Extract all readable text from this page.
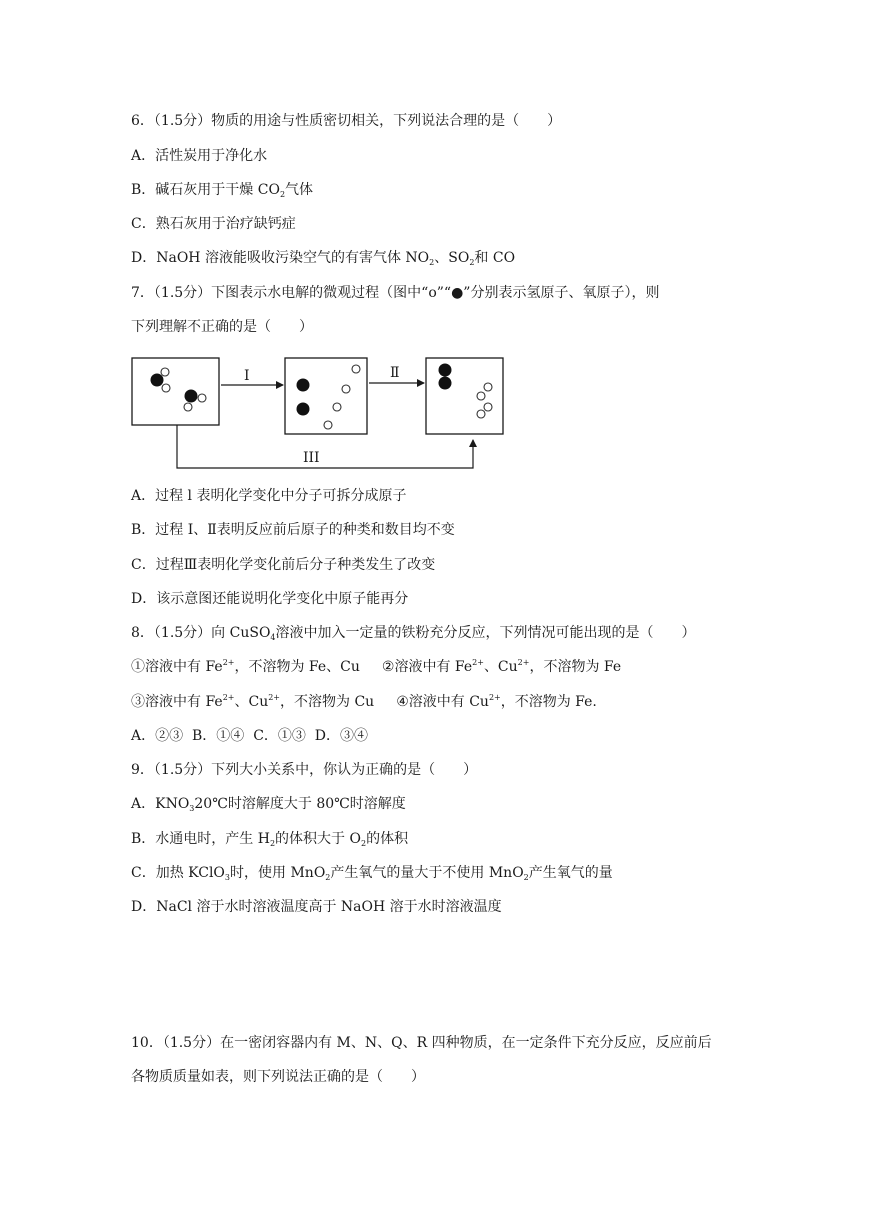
6．（1.5分）物质的用途与性质密切相关，下列说法合理的是（　　）
A．活性炭用于净化水
B．碱石灰用于干燥 $CO_2$气体
C．熟石灰用于治疗缺钙症
D．NaOH 溶液能吸收污染空气的有害气体 $NO_2$、$SO_2$和 CO
7．（1.5分）下图表示水电解的微观过程（图中“o”“●”分别表示氢原子、氧原子），则
下列理解不正确的是（　　）
I	Ⅱ
III
A．过程 l 表明化学变化中分子可拆分成原子
B．过程 I、Ⅱ表明反应前后原子的种类和数目均不变
C．过程Ⅲ表明化学变化前后分子种类发生了改变
D．该示意图还能说明化学变化中原子能再分
8．（1.5分）向 CuSO$_4$溶液中加入一定量的铁粉充分反应，下列情况可能出现的是（　　）
①溶液中有 $Fe^{2+}$，不溶物为 Fe、Cu ②溶液中有 $Fe^{2+}$、$Cu^{2+}$，不溶物为 Fe
③溶液中有 $Fe^{2+}$、$Cu^{2+}$，不溶物为 Cu ④溶液中有 $Cu^{2+}$，不溶物为 Fe.
A．②③  B．①④  C．①③  D．③④
9．（1.5分）下列大小关系中，你认为正确的是（　　）
A．$KNO_320℃$时溶解度大于 80℃时溶解度
B．水通电时，产生 $H_2$的体积大于 $O_2$的体积
C．加热 KClO$_3$时，使用 MnO$_2$产生氧气的量大于不使用 MnO$_2$产生氧气的量
D．NaCl 溶于水时溶液温度高于 NaOH 溶于水时溶液温度
10．（1.5分）在一密闭容器内有 M、N、Q、R 四种物质，在一定条件下充分反应，反应前后
各物质质量如表，则下列说法正确的是（　　）
